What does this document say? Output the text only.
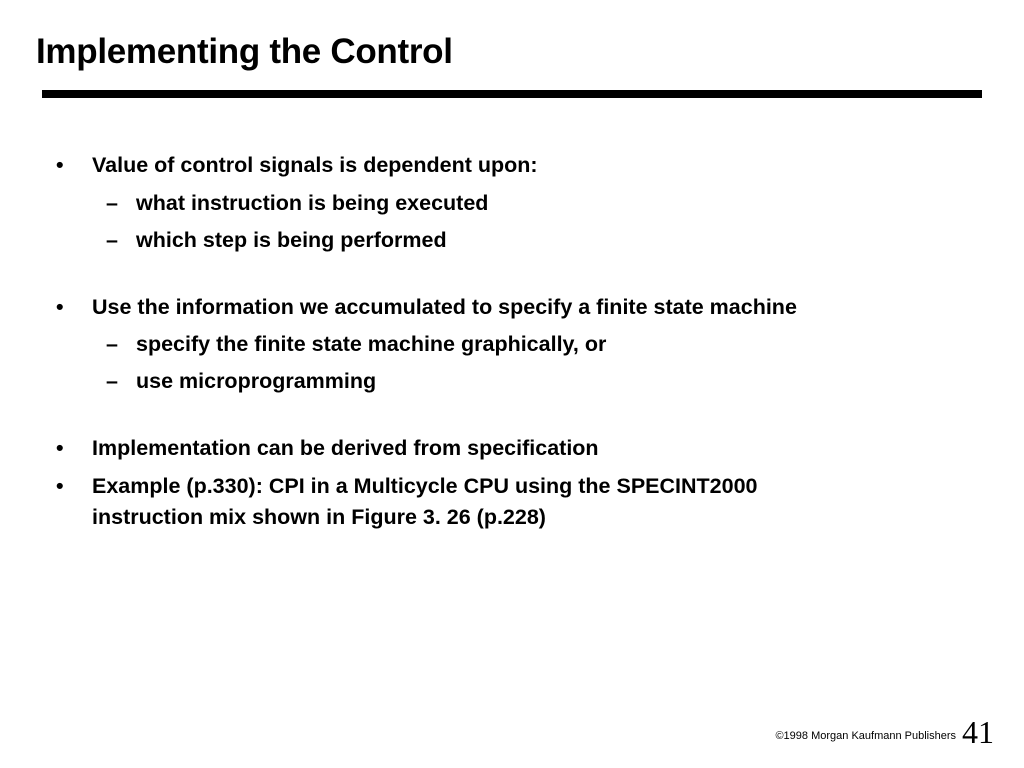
Implementing the Control
•	Value of control signals is dependent upon:
– what instruction is being executed
– which step is being performed
•	Use the information we accumulated to specify a finite state machine
– specify the finite state machine graphically, or
– use microprogramming
•	Implementation can be derived from specification
•	Example (p.330): CPI in a Multicycle CPU using the SPECINT2000
instruction mix shown in Figure 3. 26 (p.228)
©1998 Morgan Kaufmann Publishers 41
